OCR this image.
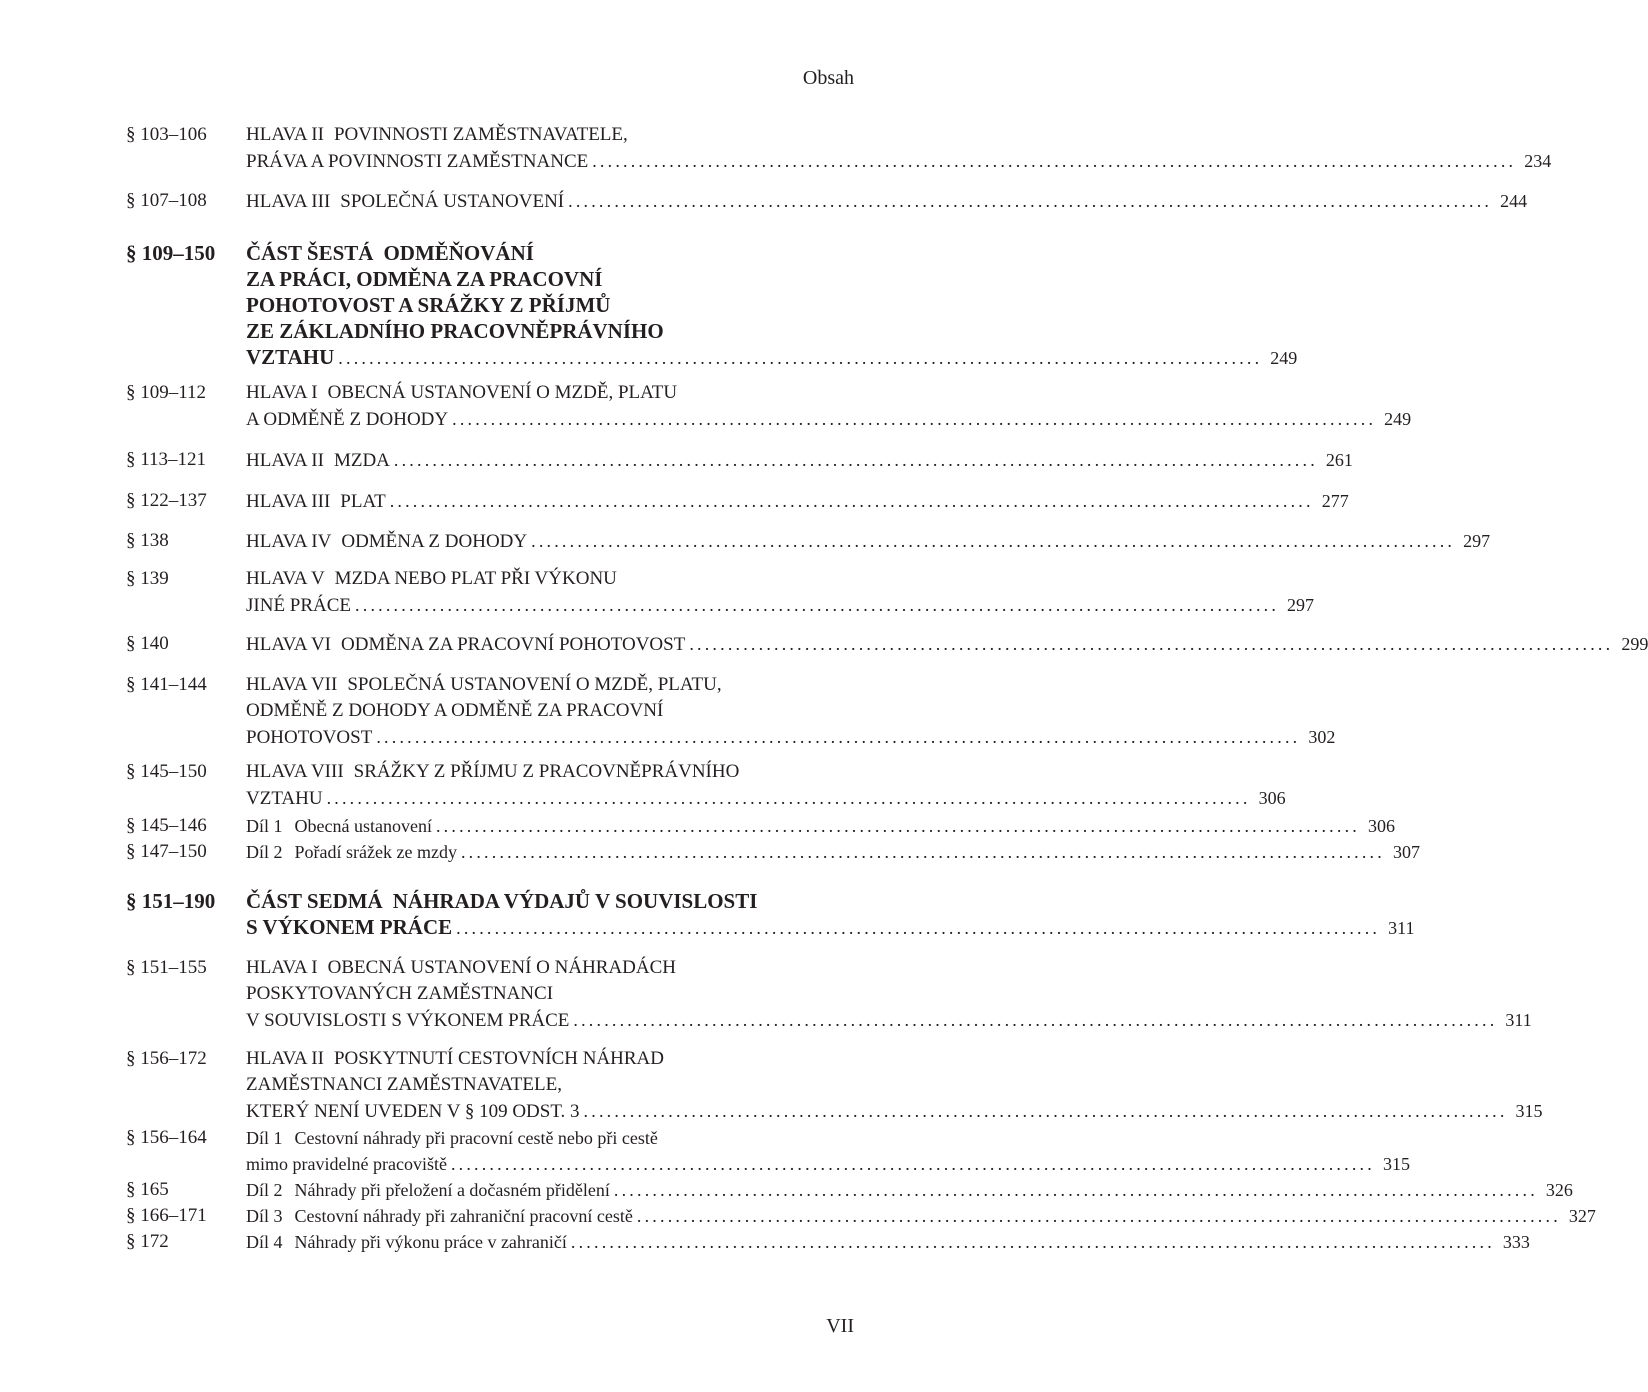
Obsah
§ 103–106 HLAVA II POVINNOSTI ZAMĚSTNAVATELE,
PRÁVA A POVINNOSTI ZAMĚSTNANCE ........................................................................................................................ 234
§ 107–108 HLAVA III SPOLEČNÁ USTANOVENÍ ........................................................................................................................ 244
§ 109–150 ČÁST ŠESTÁ ODMĚŇOVÁNÍ
ZA PRÁCI, ODMĚNA ZA PRACOVNÍ
POHOTOVOST A SRÁŽKY Z PŘÍJMŮ
ZE ZÁKLADNÍHO PRACOVNĚPRÁVNÍHO
VZTAHU ........................................................................................................................ 249
§ 109–112 HLAVA I OBECNÁ USTANOVENÍ O MZDĚ, PLATU
A ODMĚNĚ Z DOHODY ........................................................................................................................ 249
§ 113–121 HLAVA II MZDA ........................................................................................................................ 261
§ 122–137 HLAVA III PLAT ........................................................................................................................ 277
§ 138	HLAVA IV ODMĚNA Z DOHODY ........................................................................................................................ 297
§ 139	HLAVA V MZDA NEBO PLAT PŘI VÝKONU
JINÉ PRÁCE ........................................................................................................................ 297
§ 140	HLAVA VI ODMĚNA ZA PRACOVNÍ POHOTOVOST ........................................................................................................................ 299
§ 141–144 HLAVA VII SPOLEČNÁ USTANOVENÍ O MZDĚ, PLATU,
ODMĚNĚ Z DOHODY A ODMĚNĚ ZA PRACOVNÍ
POHOTOVOST ........................................................................................................................ 302
§ 145–150 HLAVA VIII SRÁŽKY Z PŘÍJMU Z PRACOVNĚPRÁVNÍHO
VZTAHU ........................................................................................................................ 306
§ 145–146 Díl 1 Obecná ustanovení ........................................................................................................................ 306
§ 147–150 Díl 2 Pořadí srážek ze mzdy ........................................................................................................................ 307
§ 151–190 ČÁST SEDMÁ NÁHRADA VÝDAJŮ V SOUVISLOSTI
S VÝKONEM PRÁCE ........................................................................................................................ 311
§ 151–155 HLAVA I OBECNÁ USTANOVENÍ O NÁHRADÁCH
POSKYTOVANÝCH ZAMĚSTNANCI
V SOUVISLOSTI S VÝKONEM PRÁCE ........................................................................................................................ 311
§ 156–172 HLAVA II POSKYTNUTÍ CESTOVNÍCH NÁHRAD
ZAMĚSTNANCI ZAMĚSTNAVATELE,
KTERÝ NENÍ UVEDEN V § 109 ODST. 3 ........................................................................................................................ 315
§ 156–164 Díl 1 Cestovní náhrady při pracovní cestě nebo při cestě
mimo pravidelné pracoviště ........................................................................................................................ 315
§ 165	Díl 2 Náhrady při přeložení a dočasném přidělení ........................................................................................................................ 326
§ 166–171 Díl 3 Cestovní náhrady při zahraniční pracovní cestě ........................................................................................................................ 327
§ 172	Díl 4 Náhrady při výkonu práce v zahraničí ........................................................................................................................ 333
VII
